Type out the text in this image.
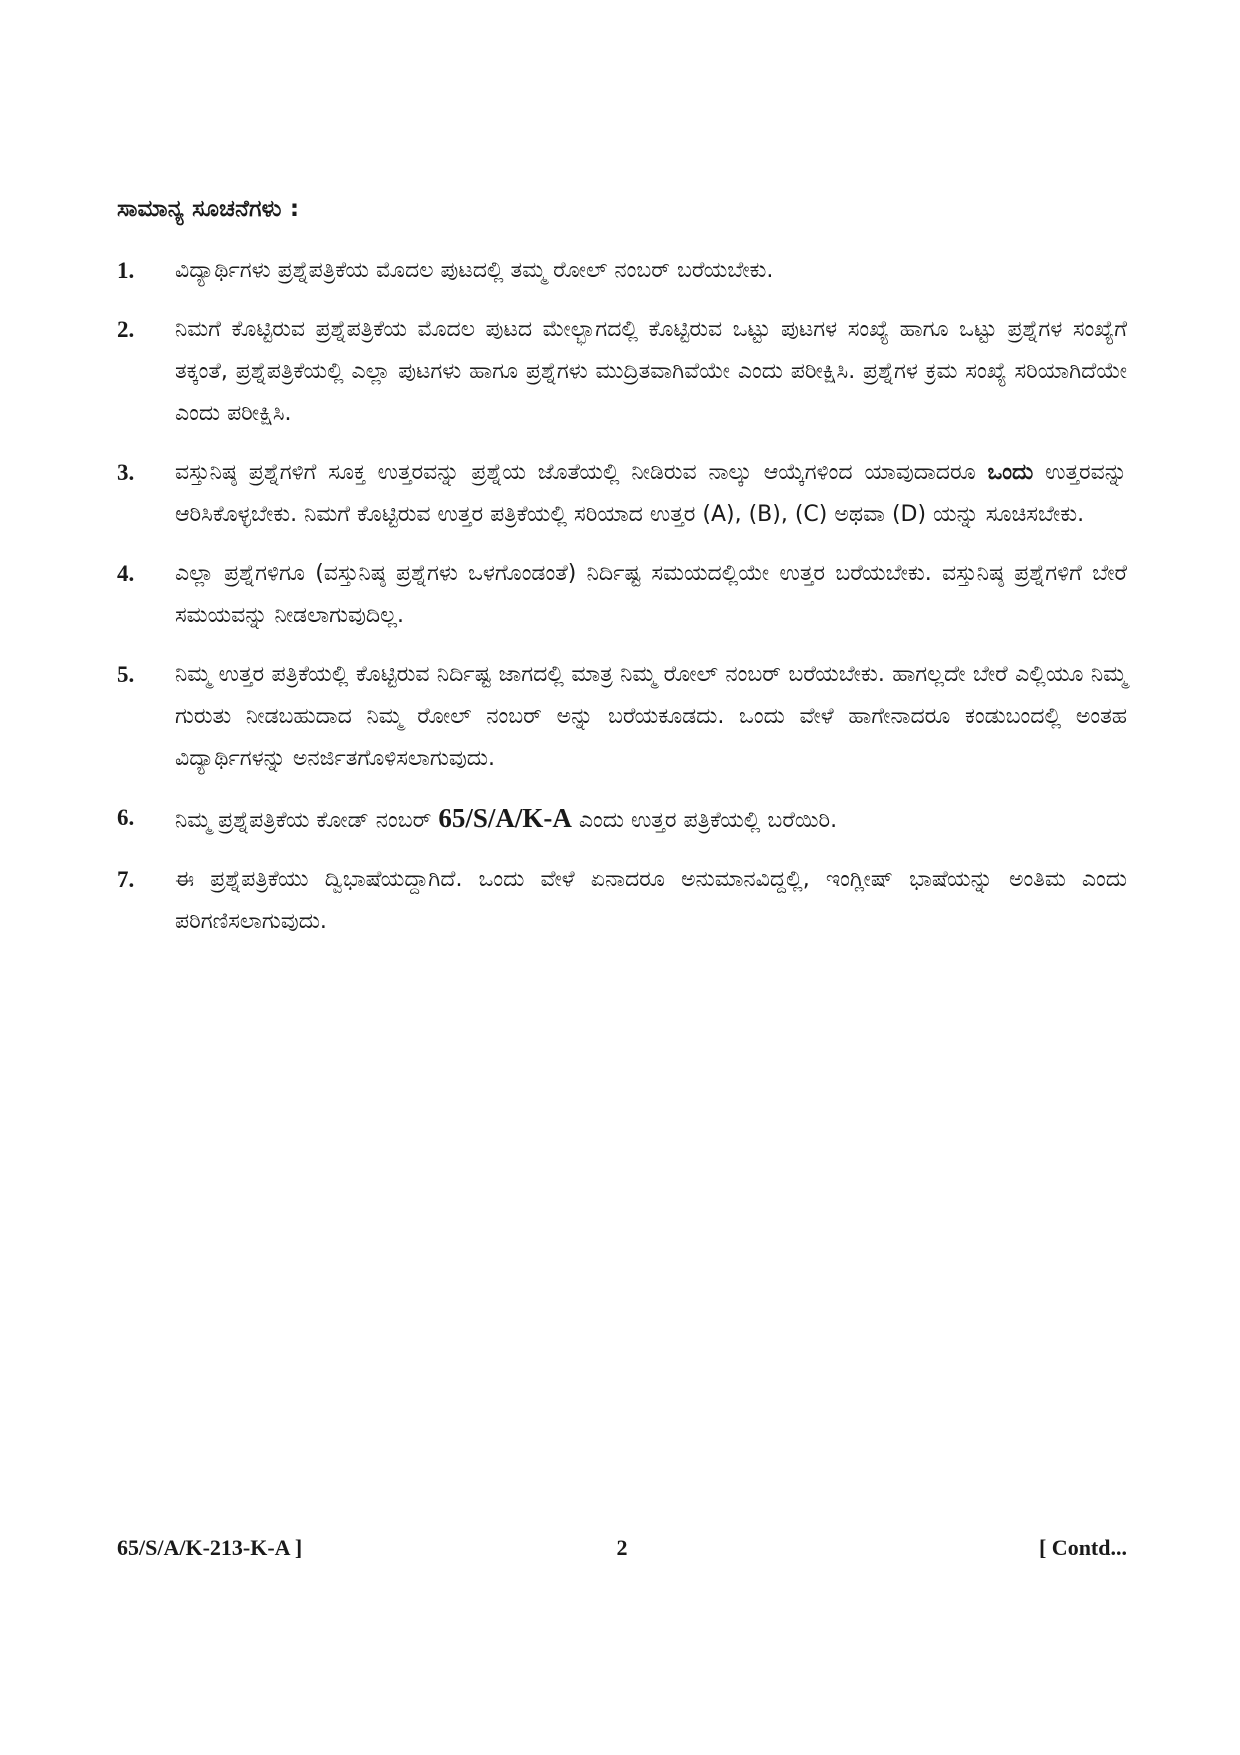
ಸಾಮಾನ್ಯ ಸೂಚನೆಗಳು :
1.	ವಿದ್ಯಾರ್ಥಿಗಳು ಪ್ರಶ್ನೆಪತ್ರಿಕೆಯ ಮೊದಲ ಪುಟದಲ್ಲಿ ತಮ್ಮ ರೋಲ್ ನಂಬರ್ ಬರೆಯಬೇಕು.
2.	ನಿಮಗೆ ಕೊಟ್ಟಿರುವ ಪ್ರಶ್ನೆಪತ್ರಿಕೆಯ ಮೊದಲ ಪುಟದ ಮೇಲ್ಭಾಗದಲ್ಲಿ ಕೊಟ್ಟಿರುವ ಒಟ್ಟು ಪುಟಗಳ ಸಂಖ್ಯೆ ಹಾಗೂ ಒಟ್ಟು ಪ್ರಶ್ನೆಗಳ ಸಂಖ್ಯೆಗೆ ತಕ್ಕಂತೆ, ಪ್ರಶ್ನೆಪತ್ರಿಕೆಯಲ್ಲಿ ಎಲ್ಲಾ ಪುಟಗಳು ಹಾಗೂ ಪ್ರಶ್ನೆಗಳು ಮುದ್ರಿತವಾಗಿವೆಯೇ ಎಂದು ಪರೀಕ್ಷಿಸಿ. ಪ್ರಶ್ನೆಗಳ ಕ್ರಮ ಸಂಖ್ಯೆ ಸರಿಯಾಗಿದೆಯೇ ಎಂದು ಪರೀಕ್ಷಿಸಿ.
3.	ವಸ್ತುನಿಷ್ಠ ಪ್ರಶ್ನೆಗಳಿಗೆ ಸೂಕ್ತ ಉತ್ತರವನ್ನು ಪ್ರಶ್ನೆಯ ಜೊತೆಯಲ್ಲಿ ನೀಡಿರುವ ನಾಲ್ಕು ಆಯ್ಕೆಗಳಿಂದ ಯಾವುದಾದರೂ ಒಂದು ಉತ್ತರವನ್ನು ಆರಿಸಿಕೊಳ್ಳಬೇಕು. ನಿಮಗೆ ಕೊಟ್ಟಿರುವ ಉತ್ತರ ಪತ್ರಿಕೆಯಲ್ಲಿ ಸರಿಯಾದ ಉತ್ತರ (A), (B), (C) ಅಥವಾ (D) ಯನ್ನು ಸೂಚಿಸಬೇಕು.
4.	ಎಲ್ಲಾ ಪ್ರಶ್ನೆಗಳಿಗೂ (ವಸ್ತುನಿಷ್ಠ ಪ್ರಶ್ನೆಗಳು ಒಳಗೊಂಡಂತೆ) ನಿರ್ದಿಷ್ಟ ಸಮಯದಲ್ಲಿಯೇ ಉತ್ತರ ಬರೆಯಬೇಕು. ವಸ್ತುನಿಷ್ಠ ಪ್ರಶ್ನೆಗಳಿಗೆ ಬೇರೆ ಸಮಯವನ್ನು ನೀಡಲಾಗುವುದಿಲ್ಲ.
5.	ನಿಮ್ಮ ಉತ್ತರ ಪತ್ರಿಕೆಯಲ್ಲಿ ಕೊಟ್ಟಿರುವ ನಿರ್ದಿಷ್ಟ ಜಾಗದಲ್ಲಿ ಮಾತ್ರ ನಿಮ್ಮ ರೋಲ್ ನಂಬರ್ ಬರೆಯಬೇಕು. ಹಾಗಲ್ಲದೇ ಬೇರೆ ಎಲ್ಲಿಯೂ ನಿಮ್ಮ ಗುರುತು ನೀಡಬಹುದಾದ ನಿಮ್ಮ ರೋಲ್ ನಂಬರ್ ಅನ್ನು ಬರೆಯಕೂಡದು. ಒಂದು ವೇಳೆ ಹಾಗೇನಾದರೂ ಕಂಡುಬಂದಲ್ಲಿ ಅಂತಹ ವಿದ್ಯಾರ್ಥಿಗಳನ್ನು ಅನರ್ಜಿತಗೊಳಿಸಲಾಗುವುದು.
6.	ನಿಮ್ಮ ಪ್ರಶ್ನೆಪತ್ರಿಕೆಯ ಕೋಡ್ ನಂಬರ್ 65/S/A/K-A ಎಂದು ಉತ್ತರ ಪತ್ರಿಕೆಯಲ್ಲಿ ಬರೆಯಿರಿ.
7.	ಈ ಪ್ರಶ್ನೆಪತ್ರಿಕೆಯು ದ್ವಿಭಾಷೆಯದ್ದಾಗಿದೆ. ಒಂದು ವೇಳೆ ಏನಾದರೂ ಅನುಮಾನವಿದ್ದಲ್ಲಿ, ಇಂಗ್ಲೀಷ್ ಭಾಷೆಯನ್ನು ಅಂತಿಮ ಎಂದು ಪರಿಗಣಿಸಲಾಗುವುದು.
65/S/A/K-213-K-A ]	2	[ Contd...
